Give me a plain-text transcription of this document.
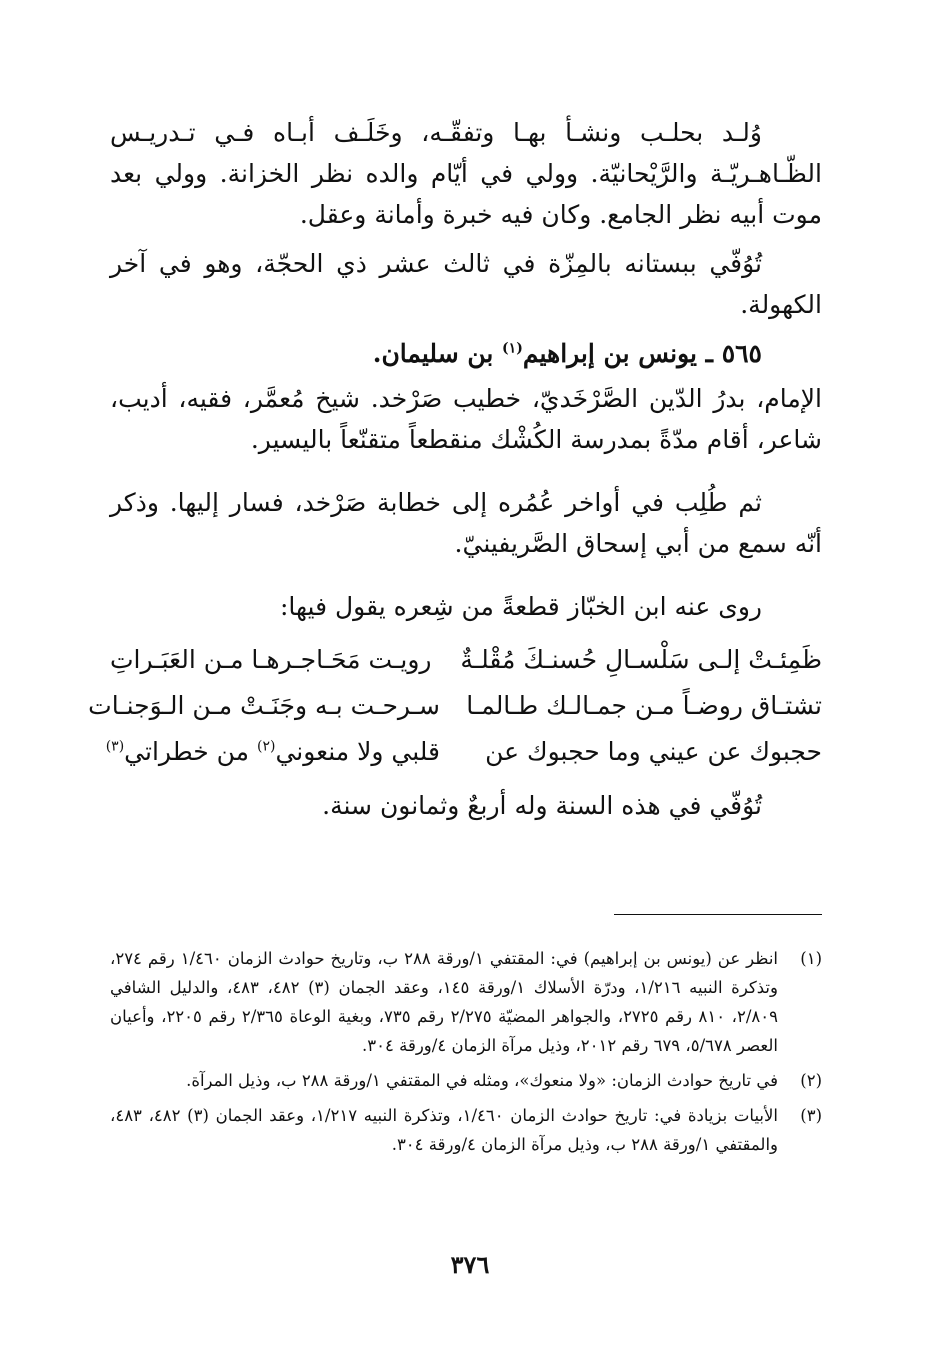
وُلـد بحلـب ونشـأ بهـا وتفقّـه، وخَلَـف أبـاه فـي تـدريـس الظّـاهـريّـة والرَّيْحانيّة. وولي في أيّام والده نظر الخزانة. وولي بعد موت أبيه نظر الجامع. وكان فيه خبرة وأمانة وعقل.

تُوُفّي ببستانه بالمِزّة في ثالث عشر ذي الحجّة، وهو في آخر الكهولة.

٥٦٥ ـ يونس بن إبراهيم$^{(١)}$ بن سليمان.

الإمام، بدرُ الدّين الصَّرْخَديّ، خطيب صَرْخد. شيخ مُعمَّر، فقيه، أديب، شاعر، أقام مدّةً بمدرسة الكُشْك منقطعاً متقنّعاً باليسير.

ثم طُلِب في أواخر عُمُره إلى خطابة صَرْخد، فسار إليها. وذكر أنّه سمع من أبي إسحاق الصَّريفينيّ.

روى عنه ابن الخبّاز قطعةً من شِعره يقول فيها:

ظَمِئـتْ إلـى سَلْسـالِ حُسنـكَ مُقْلـةٌ
رويـت مَحَـاجـرهـا مـن العَبَـراتِ
تشتـاق روضـاً مـن جمـالـك طـالمـا
سـرحـت بـه وجَنَـتْ مـن الـوَجنـات
حجبوك عن عيني وما حجبوك عن
قلبي ولا منعوني$^{(٢)}$ من خطراتي$^{(٣)}$

تُوُفّي في هذه السنة وله أربعٌ وثمانون سنة.

(١)
انظر عن (يونس بن إبراهيم) في: المقتفي ١/ورقة ٢٨٨ ب، وتاريخ حوادث الزمان ١/٤٦٠ رقم ٢٧٤، وتذكرة النبيه ١/٢١٦، ودرّة الأسلاك ١/ورقة ١٤٥، وعقد الجمان (٣) ٤٨٢، ٤٨٣، والدليل الشافي ٢/٨٠٩، ٨١٠ رقم ٢٧٢٥، والجواهر المضيّة ٢/٢٧٥ رقم ٧٣٥، وبغية الوعاة ٢/٣٦٥ رقم ٢٢٠٥، وأعيان العصر ٥/٦٧٨، ٦٧٩ رقم ٢٠١٢، وذيل مرآة الزمان ٤/ورقة ٣٠٤.
(٢)
في تاريخ حوادث الزمان: «ولا منعوك»، ومثله في المقتفي ١/ورقة ٢٨٨ ب، وذيل المرآة.
(٣)
الأبيات بزيادة في: تاريخ حوادث الزمان ١/٤٦٠، وتذكرة النبيه ١/٢١٧، وعقد الجمان (٣) ٤٨٢، ٤٨٣، والمقتفي ١/ورقة ٢٨٨ ب، وذيل مرآة الزمان ٤/ورقة ٣٠٤.
٣٧٦
